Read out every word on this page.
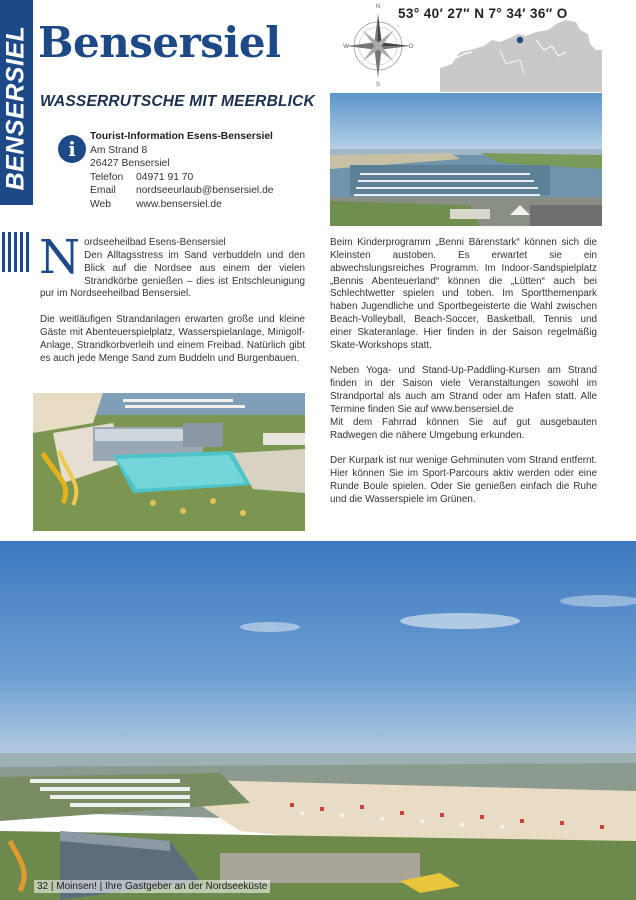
BENSERSIEL Bensersiel
WASSERRUTSCHE MIT MEERBLICK
53° 40′ 27″ N 7° 34′ 36″ O
N
S
W	O
i
Tourist-Information Esens-Bensersiel
Am Strand 8
26427 Bensersiel
Telefon	04971 91 70
Email	nordseeurlaub@bensersiel.de
Web	www.bensersiel.de

Nordseeheilbad Esens-Bensersiel
Den Alltagsstress im Sand verbuddeln und den Blick auf die Nordsee aus einem der vielen Strandkörbe genießen – dies ist Entschleunigung pur im Nordseeheilbad Bensersiel.

Die weitläufigen Strandanlagen erwarten große und kleine Gäste mit Abenteuerspielplatz, Wasserspielanlage, Minigolf-Anlage, Strandkorbverleih und einem Freibad. Natürlich gibt es auch jede Menge Sand zum Buddeln und Burgenbauen.

Beim Kinderprogramm „Benni Bärenstark“ können sich die Kleinsten austoben. Es erwartet sie ein abwechslungsreiches Programm. Im Indoor-Sandspielplatz „Bennis Abenteuerland“ können die „Lütten“ auch bei Schlechtwetter spielen und toben. Im Sportthemenpark haben Jugendliche und Sportbegeisterte die Wahl zwischen Beach-Volleyball, Beach-Soccer, Basketball, Tennis und einer Skateranlage. Hier finden in der Saison regelmäßig Skate-Workshops statt.

Neben Yoga- und Stand-Up-Paddling-Kursen am Strand finden in der Saison viele Veranstaltungen sowohl im Strandportal als auch am Strand oder am Hafen statt. Alle Termine finden Sie auf www.bensersiel.de
Mit dem Fahrrad können Sie auf gut ausgebauten Radwegen die nähere Umgebung erkunden.

Der Kurpark ist nur wenige Gehminuten vom Strand entfernt. Hier können Sie im Sport-Parcours aktiv werden oder eine Runde Boule spielen. Oder Sie genießen einfach die Ruhe und die Wasserspiele im Grünen.

32 | Moinsen! | Ihre Gastgeber an der Nordseeküste
